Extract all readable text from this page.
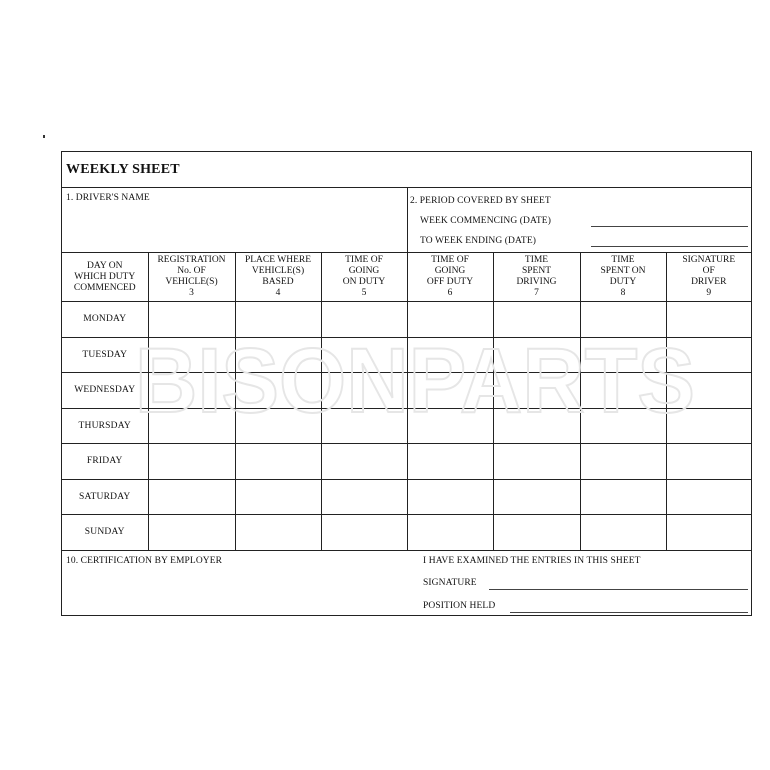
WEEKLY SHEET
1. DRIVER'S NAME	2. PERIOD COVERED BY SHEET
WEEK COMMENCING (DATE)
TO WEEK ENDING (DATE)
DAY ON
WHICH DUTY
COMMENCED	REGISTRATION
No. OF
VEHICLE(S)
3	PLACE WHERE
VEHICLE(S)
BASED
4	TIME OF
GOING
ON DUTY
5	TIME OF
GOING
OFF DUTY
6	TIME
SPENT
DRIVING
7	TIME
SPENT ON
DUTY
8	SIGNATURE
OF
DRIVER
9

MONDAY							
TUESDAY							
WEDNESDAY							
THURSDAY							
FRIDAY							
SATURDAY							
SUNDAY							
10. CERTIFICATION BY EMPLOYER	I HAVE EXAMINED THE ENTRIES IN THIS SHEET
SIGNATURE
POSITION HELD
BISONPARTS
